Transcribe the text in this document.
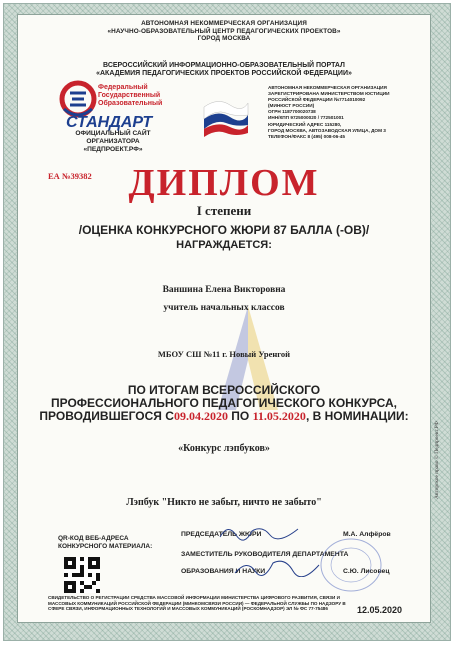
АВТОНОМНАЯ НЕКОММЕРЧЕСКАЯ ОРГАНИЗАЦИЯ
«НАУЧНО-ОБРАЗОВАТЕЛЬНЫЙ ЦЕНТР ПЕДАГОГИЧЕСКИХ ПРОЕКТОВ»
ГОРОД МОСКВА
ВСЕРОССИЙСКИЙ ИНФОРМАЦИОННО-ОБРАЗОВАТЕЛЬНЫЙ ПОРТАЛ
«АКАДЕМИЯ ПЕДАГОГИЧЕСКИХ ПРОЕКТОВ РОССИЙСКОЙ ФЕДЕРАЦИИ»
Федеральный
Государственный
Образовательный
СТАНДАРТ
ОФИЦИАЛЬНЫЙ САЙТ
ОРГАНИЗАТОРА
«ПЕДПРОЕКТ.РФ»
АВТОНОМНАЯ НЕКОММЕРЧЕСКАЯ ОРГАНИЗАЦИЯ
ЗАРЕГИСТРИРОВАНА МИНИСТЕРСТВОМ ЮСТИЦИИ
РОССИЙСКОЙ ФЕДЕРАЦИИ №7714010092
(МИНЮСТ РОССИИ)
ОГРН 1187700020738
ИНН/КПП 9725000020 / 772501001
ЮРИДИЧЕСКИЙ АДРЕС 115280,
ГОРОД МОСКВА, АВТОЗАВОДСКАЯ УЛИЦА, ДОМ 3
ТЕЛЕФОН/ФАКС 8 (495) 008-06-45
ЕА №39382 ДИПЛОМ
I степени
/ОЦЕНКА КОНКУРСНОГО ЖЮРИ 87 БАЛЛА (-ОВ)/
НАГРАЖДАЕТСЯ:
Ваншина Елена Викторовна
учитель начальных классов
МБОУ СШ №11 г. Новый Уренгой
ПО ИТОГАМ ВСЕРОССИЙСКОГО
ПРОФЕССИОНАЛЬНОГО ПЕДАГОГИЧЕСКОГО КОНКУРСА,
ПРОВОДИВШЕГОСЯ С09.04.2020 ПО 11.05.2020, В НОМИНАЦИИ:
«Конкурс лэпбуков»
Лэпбук "Никто не забыт, ничто не забыто"
QR-КОД ВЕБ-АДРЕСА
КОНКУРСНОГО МАТЕРИАЛА:
ПРЕДСЕДАТЕЛЬ ЖЮРИ	М.А. Алфёров
ЗАМЕСТИТЕЛЬ РУКОВОДИТЕЛЯ ДЕПАРТАМЕНТА
ОБРАЗОВАНИЯ И НАУКИ	С.Ю. Лисовец
СВИДЕТЕЛЬСТВО О РЕГИСТРАЦИИ СРЕДСТВА МАССОВОЙ ИНФОРМАЦИИ МИНИСТЕРСТВА ЦИФРОВОГО РАЗВИТИЯ, СВЯЗИ И МАССОВЫХ КОММУНИКАЦИЙ РОССИЙСКОЙ ФЕДЕРАЦИИ (МИНКОМСВЯЗИ РОССИИ) — ФЕДЕРАЛЬНОЙ СЛУЖБЫ ПО НАДЗОРУ В СФЕРЕ СВЯЗИ, ИНФОРМАЦИОННЫХ ТЕХНОЛОГИЙ И МАССОВЫХ КОММУНИКАЦИЙ (РОСКОМНАДЗОР) ЭЛ № ФС 77-75486	12.05.2020
Авторское право © Педпроект.РФ
